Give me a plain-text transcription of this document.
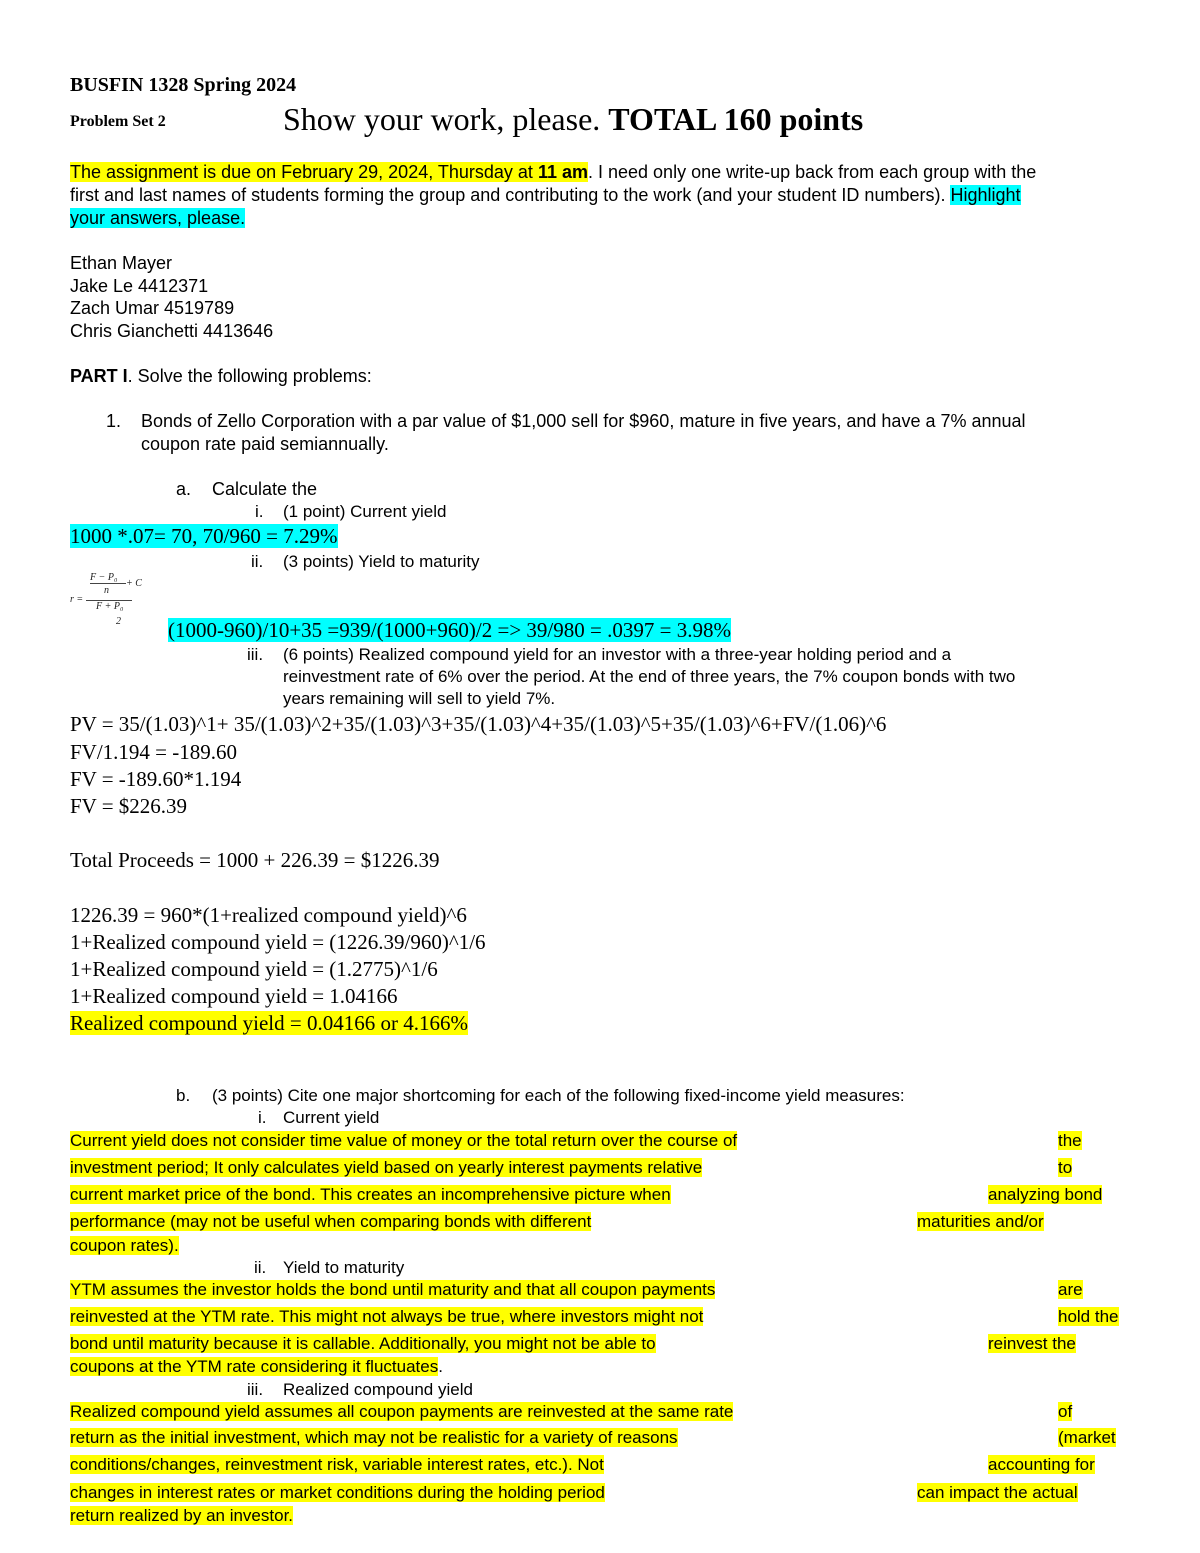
BUSFIN 1328 Spring 2024
Problem Set 2	Show your work, please. TOTAL 160 points
The assignment is due on February 29, 2024, Thursday at 11 am. I need only one write-up back from each group with the
first and last names of students forming the group and contributing to the work (and your student ID numbers). Highlight
your answers, please.
Ethan Mayer
Jake Le 4412371
Zach Umar 4519789
Chris Gianchetti 4413646
PART I. Solve the following problems:
1. Bonds of Zello Corporation with a par value of $1,000 sell for $960, mature in five years, and have a 7% annual
coupon rate paid semiannually.
a. Calculate the
i. (1 point) Current yield
1000 *.07= 70, 70/960 = 7.29%
ii. (3 points) Yield to maturity
F − P₀
n
+ C
r =
F + P₀
2 (1000-960)/10+35 =939/(1000+960)/2 => 39/980 = .0397 = 3.98%
iii. (6 points) Realized compound yield for an investor with a three-year holding period and a
reinvestment rate of 6% over the period. At the end of three years, the 7% coupon bonds with two
years remaining will sell to yield 7%.
PV = 35/(1.03)^1+ 35/(1.03)^2+35/(1.03)^3+35/(1.03)^4+35/(1.03)^5+35/(1.03)^6+FV/(1.06)^6
FV/1.194 = -189.60
FV = -189.60*1.194
FV = $226.39
Total Proceeds = 1000 + 226.39 = $1226.39
1226.39 = 960*(1+realized compound yield)^6
1+Realized compound yield = (1226.39/960)^1/6
1+Realized compound yield = (1.2775)^1/6
1+Realized compound yield = 1.04166
Realized compound yield = 0.04166 or 4.166%
b. (3 points) Cite one major shortcoming for each of the following fixed-income yield measures:
i. Current yield
Current yield does not consider time value of money or the total return over the course of	the
investment period; It only calculates yield based on yearly interest payments relative	to
current market price of the bond. This creates an incomprehensive picture when	analyzing bond
performance (may not be useful when comparing bonds with different	maturities and/or
coupon rates).
ii. Yield to maturity
YTM assumes the investor holds the bond until maturity and that all coupon payments	are
reinvested at the YTM rate. This might not always be true, where investors might not	hold the
bond until maturity because it is callable. Additionally, you might not be able to	reinvest the
coupons at the YTM rate considering it fluctuates.
iii. Realized compound yield
Realized compound yield assumes all coupon payments are reinvested at the same rate	of
return as the initial investment, which may not be realistic for a variety of reasons	(market
conditions/changes, reinvestment risk, variable interest rates, etc.). Not	accounting for
changes in interest rates or market conditions during the holding period	can impact the actual
return realized by an investor.
